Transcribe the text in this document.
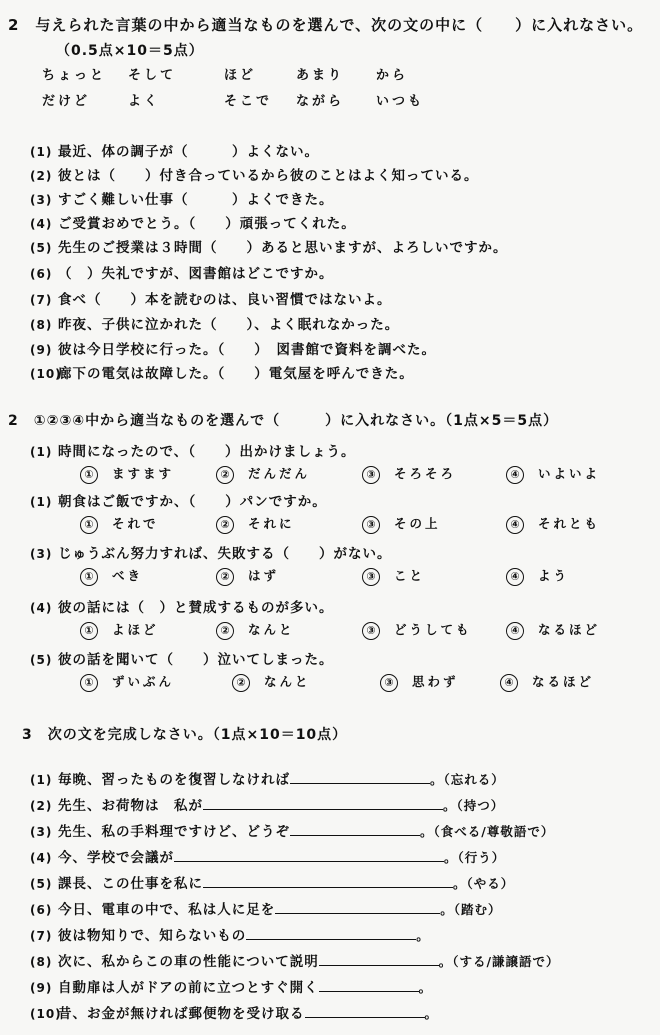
2　与えられた言葉の中から適当なものを選んで、次の文の中に（　　）に入れなさい。
（0.5点×10＝5点）
ちょっと そして	ほど	あまり から
だけど	よく	そこで ながら いつも
(1) 最近、体の調子が（　　　）よくない。
(2) 彼とは（　　）付き合っているから彼のことはよく知っている。
(3) すごく難しい仕事（　　　）よくできた。
(4) ご受賞おめでとう。（　　）頑張ってくれた。
(5) 先生のご授業は３時間（　　）あると思いますが、よろしいですか。
(6) （　）失礼ですが、図書館はどこですか。
(7) 食べ（　　）本を読むのは、良い習慣ではないよ。
(8) 昨夜、子供に泣かれた（　　）、よく眠れなかった。
(9) 彼は今日学校に行った。（　　）　図書館で資料を調べた。
(10)廊下の電気は故障した。（　　）電気屋を呼んできた。
2　①②③④中から適当なものを選んで（　　　）に入れなさい。（1点×5＝5点）
(1) 時間になったので、（　　）出かけましょう。
① ますます	② だんだん	③ そろそろ	④ いよいよ
(1) 朝食はご飯ですか、（　　）パンですか。
① それで	② それに	③ その上	④ それとも
(3) じゅうぶん努力すれば、失敗する（　　）がない。
① べき	② はず	③ こと	④ よう
(4) 彼の話には（　）と賛成するものが多い。
① よほど	② なんと	③ どうしても	④ なるほど
(5) 彼の話を聞いて（　　）泣いてしまった。
① ずいぶん	② なんと	③ 思わず	④ なるほど
3　次の文を完成しなさい。（1点×10＝10点）
(1) 毎晩、習ったものを復習しなければ	。（忘れる）
(2) 先生、お荷物は　私が	。（持つ）
(3) 先生、私の手料理ですけど、どうぞ	。（食べる/尊敬語で）
(4) 今、学校で会議が	。（行う）
(5) 課長、この仕事を私に	。（やる）
(6) 今日、電車の中で、私は人に足を	。（踏む）
(7) 彼は物知りで、知らないもの	。
(8) 次に、私からこの車の性能について説明	。（する/謙譲語で）
(9) 自動扉は人がドアの前に立つとすぐ開く	。
(10)昔、お金が無ければ郵便物を受け取る	。
